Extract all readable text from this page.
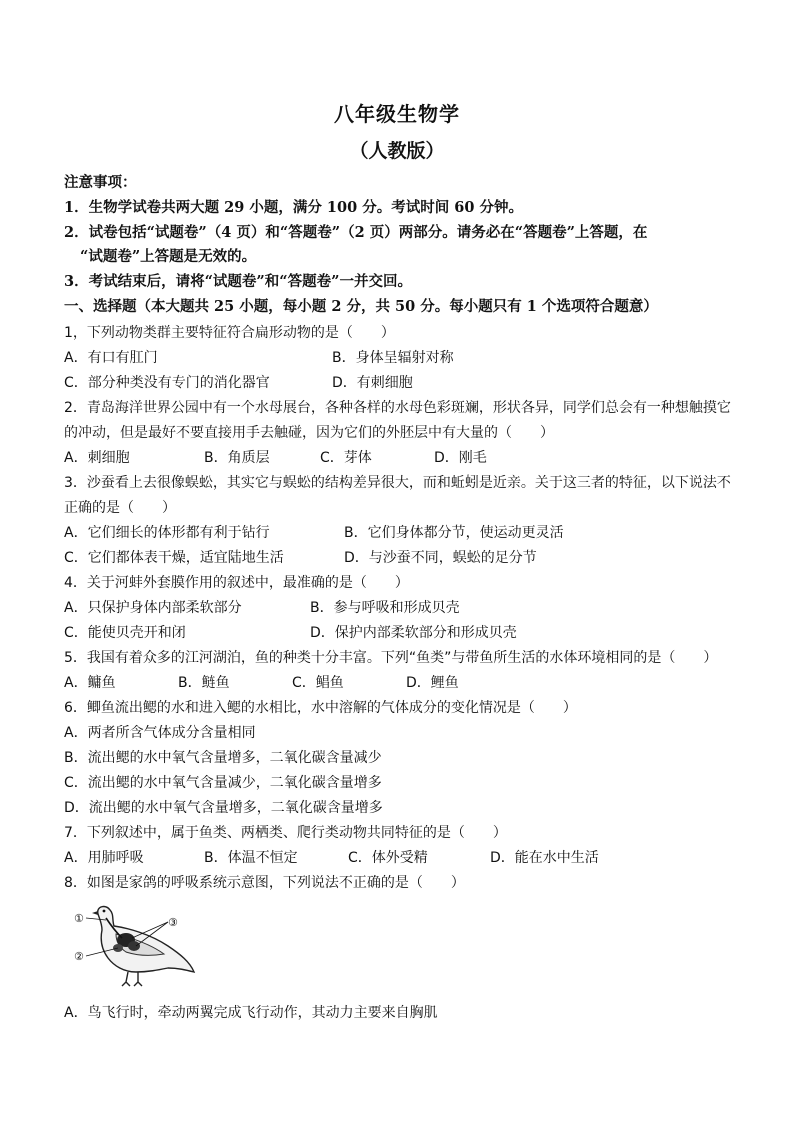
八年级生物学
（人教版）
注意事项：
1．生物学试卷共两大题 29 小题，满分 100 分。考试时间 60 分钟。
2．试卷包括“试题卷”（4 页）和“答题卷”（2 页）两部分。请务必在“答题卷”上答题，在
“试题卷”上答题是无效的。
3．考试结束后，请将“试题卷”和“答题卷”一并交回。
一、选择题（本大题共 25 小题，每小题 2 分，共 50 分。每小题只有 1 个选项符合题意）
1，下列动物类群主要特征符合扁形动物的是（　　）
A．有口有肛门	B．身体呈辐射对称
C．部分种类没有专门的消化器官	D．有刺细胞
2．青岛海洋世界公园中有一个水母展台，各种各样的水母色彩斑斓，形状各异，同学们总会有一种想触摸它
的冲动，但是最好不要直接用手去触碰，因为它们的外胚层中有大量的（　　）
A．刺细胞	B．角质层	C．芽体	D．刚毛
3．沙蚕看上去很像蜈蚣，其实它与蜈蚣的结构差异很大，而和蚯蚓是近亲。关于这三者的特征，以下说法不
正确的是（　　）
A．它们细长的体形都有利于钻行	B．它们身体都分节，使运动更灵活
C．它们都体表干燥，适宜陆地生活	D．与沙蚕不同，蜈蚣的足分节
4．关于河蚌外套膜作用的叙述中，最准确的是（　　）
A．只保护身体内部柔软部分	B．参与呼吸和形成贝壳
C．能使贝壳开和闭	D．保护内部柔软部分和形成贝壳
5．我国有着众多的江河湖泊，鱼的种类十分丰富。下列“鱼类”与带鱼所生活的水体环境相同的是（　　）
A．鳙鱼	B．鲢鱼	C．鲳鱼	D．鲤鱼
6．鲫鱼流出鳃的水和进入鳃的水相比，水中溶解的气体成分的变化情况是（　　）
A．两者所含气体成分含量相同
B．流出鳃的水中氧气含量增多，二氧化碳含量减少
C．流出鳃的水中氧气含量减少，二氧化碳含量增多
D．流出鳃的水中氧气含量增多，二氧化碳含量增多
7．下列叙述中，属于鱼类、两栖类、爬行类动物共同特征的是（　　）
A．用肺呼吸	B．体温不恒定	C．体外受精	D．能在水中生活
8．如图是家鸽的呼吸系统示意图，下列说法不正确的是（　　）
①
②
③
A．鸟飞行时，牵动两翼完成飞行动作，其动力主要来自胸肌
